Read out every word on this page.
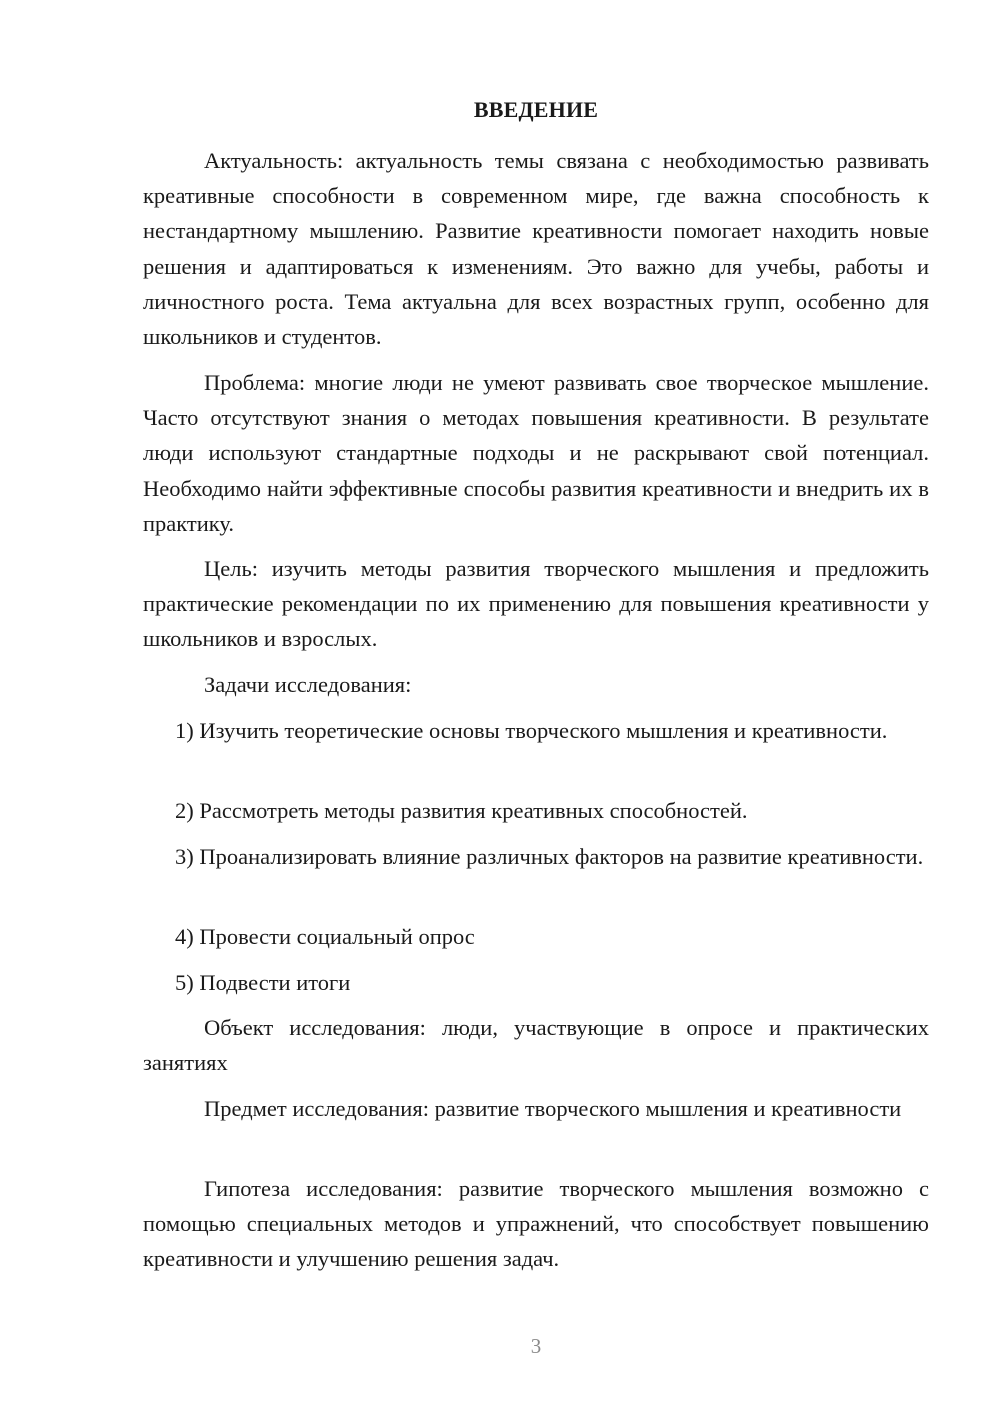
ВВЕДЕНИЕ

Актуальность: актуальность темы связана с необходимостью развивать креативные способности в современном мире, где важна способность к нестандартному мышлению. Развитие креативности помогает находить новые решения и адаптироваться к изменениям. Это важно для учебы, работы и личностного роста. Тема актуальна для всех возрастных групп, особенно для школьников и студентов.

Проблема: многие люди не умеют развивать свое творческое мышление. Часто отсутствуют знания о методах повышения креативности. В результате люди используют стандартные подходы и не раскрывают свой потенциал. Необходимо найти эффективные способы развития креативности и внедрить их в практику.

Цель: изучить методы развития творческого мышления и предложить практические рекомендации по их применению для повышения креативности у школьников и взрослых.

Задачи исследования:

1) Изучить теоретические основы творческого мышления и креативности.

2) Рассмотреть методы развития креативных способностей.

3) Проанализировать влияние различных факторов на развитие креативности.

4) Провести социальный опрос

5) Подвести итоги

Объект исследования: люди, участвующие в опросе и практических занятиях

Предмет исследования: развитие творческого мышления и креативности

Гипотеза исследования: развитие творческого мышления возможно с помощью специальных методов и упражнений, что способствует повышению креативности и улучшению решения задач.

3
